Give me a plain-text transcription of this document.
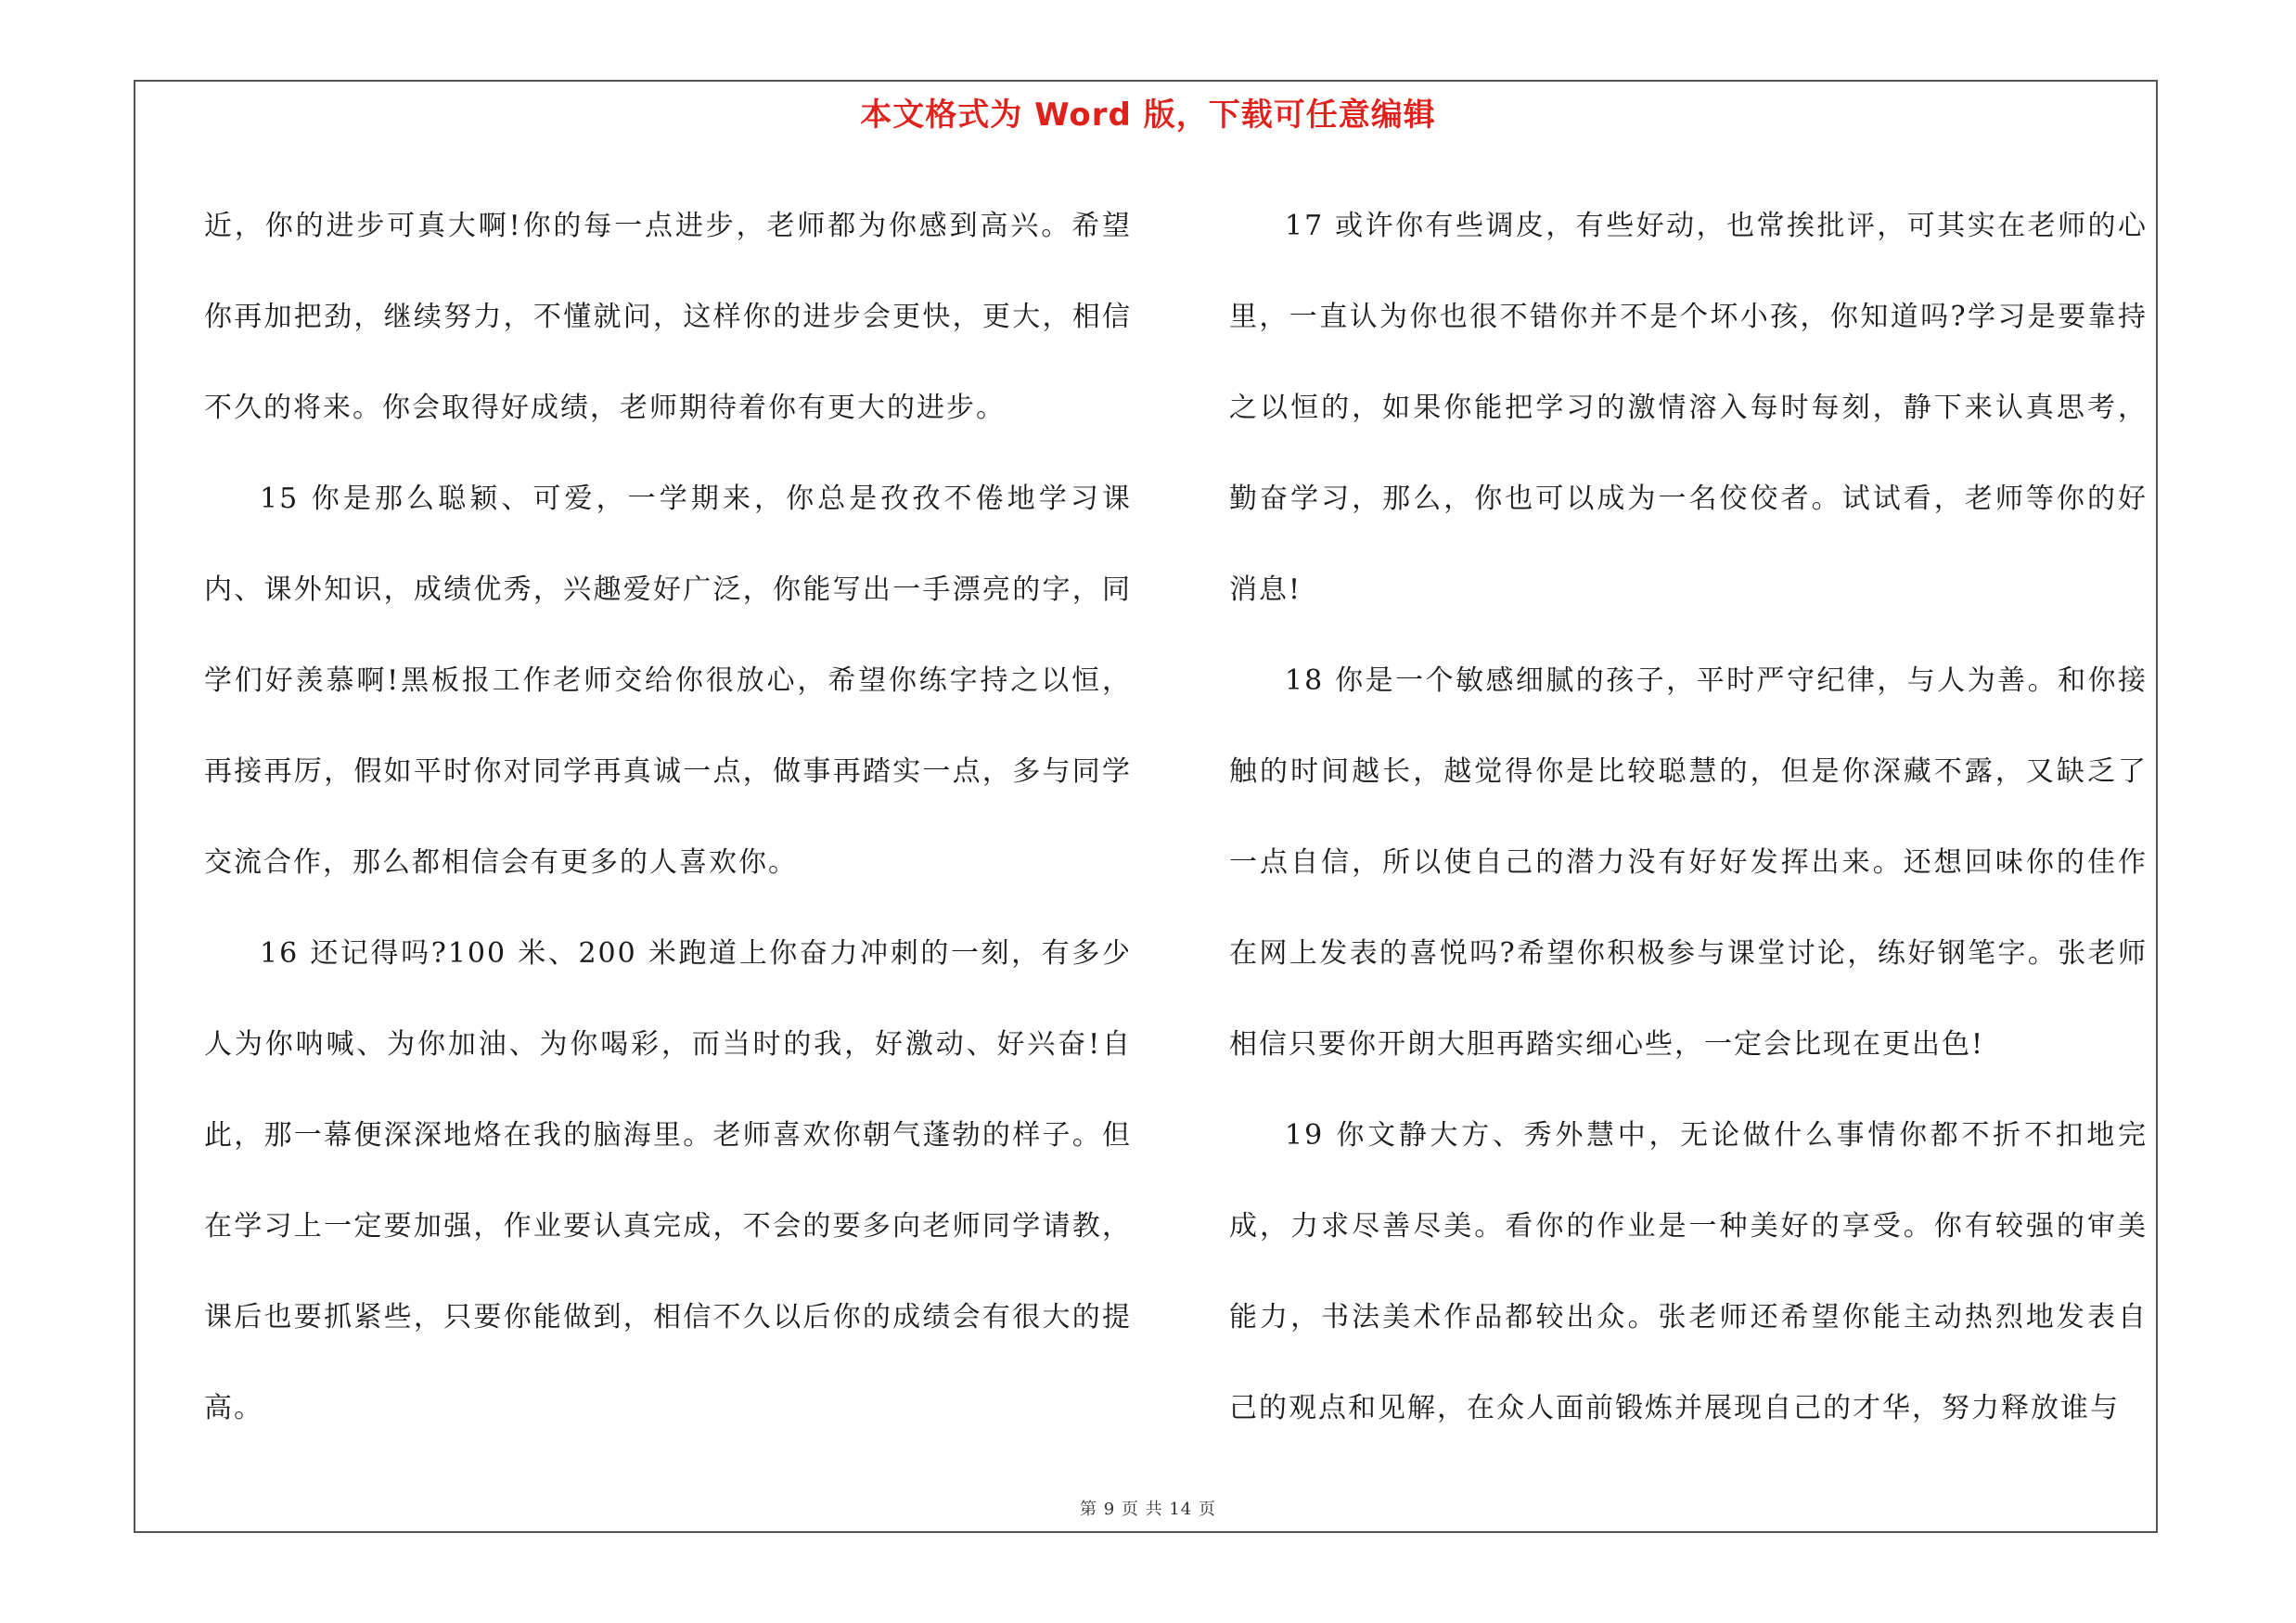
本文格式为 Word 版，下载可任意编辑

近，你的进步可真大啊!你的每一点进步，老师都为你感到高兴。希望你再加把劲，继续努力，不懂就问，这样你的进步会更快，更大，相信不久的将来。你会取得好成绩，老师期待着你有更大的进步。

15 你是那么聪颖、可爱，一学期来，你总是孜孜不倦地学习课内、课外知识，成绩优秀，兴趣爱好广泛，你能写出一手漂亮的字，同学们好羡慕啊!黑板报工作老师交给你很放心，希望你练字持之以恒，再接再厉，假如平时你对同学再真诚一点，做事再踏实一点，多与同学交流合作，那么都相信会有更多的人喜欢你。

16 还记得吗?100 米、200 米跑道上你奋力冲刺的一刻，有多少人为你呐喊、为你加油、为你喝彩，而当时的我，好激动、好兴奋!自此，那一幕便深深地烙在我的脑海里。老师喜欢你朝气蓬勃的样子。但在学习上一定要加强，作业要认真完成，不会的要多向老师同学请教，课后也要抓紧些，只要你能做到，相信不久以后你的成绩会有很大的提高。

17 或许你有些调皮，有些好动，也常挨批评，可其实在老师的心里，一直认为你也很不错你并不是个坏小孩，你知道吗?学习是要靠持之以恒的，如果你能把学习的激情溶入每时每刻，静下来认真思考，勤奋学习，那么，你也可以成为一名佼佼者。试试看，老师等你的好消息!

18 你是一个敏感细腻的孩子，平时严守纪律，与人为善。和你接触的时间越长，越觉得你是比较聪慧的，但是你深藏不露，又缺乏了一点自信，所以使自己的潜力没有好好发挥出来。还想回味你的佳作在网上发表的喜悦吗?希望你积极参与课堂讨论，练好钢笔字。张老师相信只要你开朗大胆再踏实细心些，一定会比现在更出色!

19 你文静大方、秀外慧中，无论做什么事情你都不折不扣地完成，力求尽善尽美。看你的作业是一种美好的享受。你有较强的审美能力，书法美术作品都较出众。张老师还希望你能主动热烈地发表自己的观点和见解，在众人面前锻炼并展现自己的才华，努力释放谁与

第 9 页 共 14 页
